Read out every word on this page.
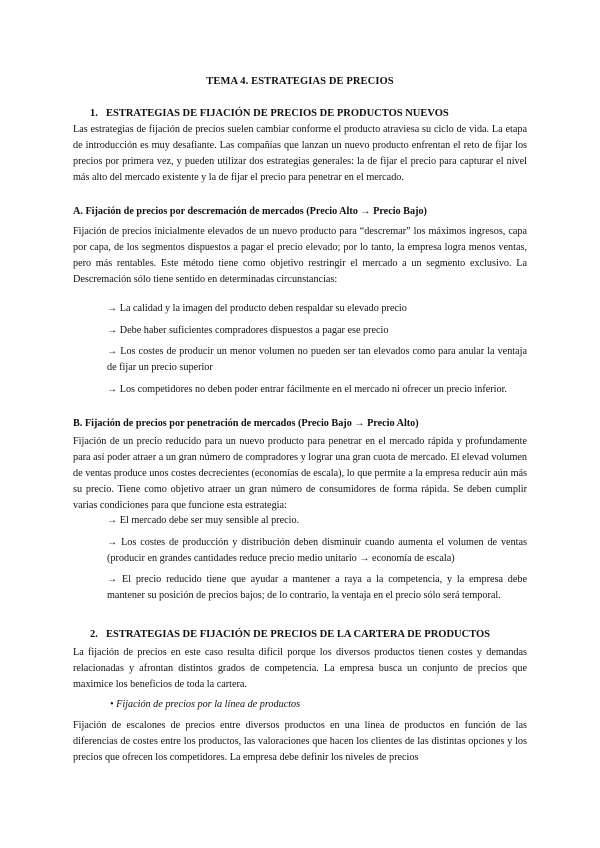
TEMA 4. ESTRATEGIAS DE PRECIOS
1. ESTRATEGIAS DE FIJACIÓN DE PRECIOS DE PRODUCTOS NUEVOS
Las estrategias de fijación de precios suelen cambiar conforme el producto atraviesa su ciclo de vida. La etapa de introducción es muy desafiante. Las compañías que lanzan un nuevo producto enfrentan el reto de fijar los precios por primera vez, y pueden utilizar dos estrategias generales: la de fijar el precio para capturar el nivel más alto del mercado existente y la de fijar el precio para penetrar en el mercado.
A. Fijación de precios por descremación de mercados (Precio Alto → Precio Bajo)
Fijación de precios inicialmente elevados de un nuevo producto para “descremar” los máximos ingresos, capa por capa, de los segmentos dispuestos a pagar el precio elevado; por lo tanto, la empresa logra menos ventas, pero más rentables. Este método tiene como objetivo restringir el mercado a un segmento exclusivo. La Descremación sólo tiene sentido en determinadas circunstancias:
→ La calidad y la imagen del producto deben respaldar su elevado precio
→ Debe haber suficientes compradores dispuestos a pagar ese precio
→ Los costes de producir un menor volumen no pueden ser tan elevados como para anular la ventaja de fijar un precio superior
→ Los competidores no deben poder entrar fácilmente en el mercado ni ofrecer un precio inferior.
B. Fijación de precios por penetración de mercados (Precio Bajo → Precio Alto)
Fijación de un precio reducido para un nuevo producto para penetrar en el mercado rápida y profundamente para así poder atraer a un gran número de compradores y lograr una gran cuota de mercado. El elevad volumen de ventas produce unos costes decrecientes (economías de escala), lo que permite a la empresa reducir aún más su precio. Tiene como objetivo atraer un gran número de consumidores de forma rápida. Se deben cumplir varias condiciones para que funcione esta estrategia:
→ El mercado debe ser muy sensible al precio.
→ Los costes de producción y distribución deben disminuir cuando aumenta el volumen de ventas (producir en grandes cantidades reduce precio medio unitario → economía de escala)
→ El precio reducido tiene que ayudar a mantener a raya a la competencia, y la empresa debe mantener su posición de precios bajos; de lo contrario, la ventaja en el precio sólo será temporal.
2. ESTRATEGIAS DE FIJACIÓN DE PRECIOS DE LA CARTERA DE PRODUCTOS
La fijación de precios en este caso resulta difícil porque los diversos productos tienen costes y demandas relacionadas y afrontan distintos grados de competencia. La empresa busca un conjunto de precios que maximice los beneficios de toda la cartera.
• Fijación de precios por la línea de productos
Fijación de escalones de precios entre diversos productos en una línea de productos en función de las diferencias de costes entre los productos, las valoraciones que hacen los clientes de las distintas opciones y los precios que ofrecen los competidores. La empresa debe definir los niveles de precios
